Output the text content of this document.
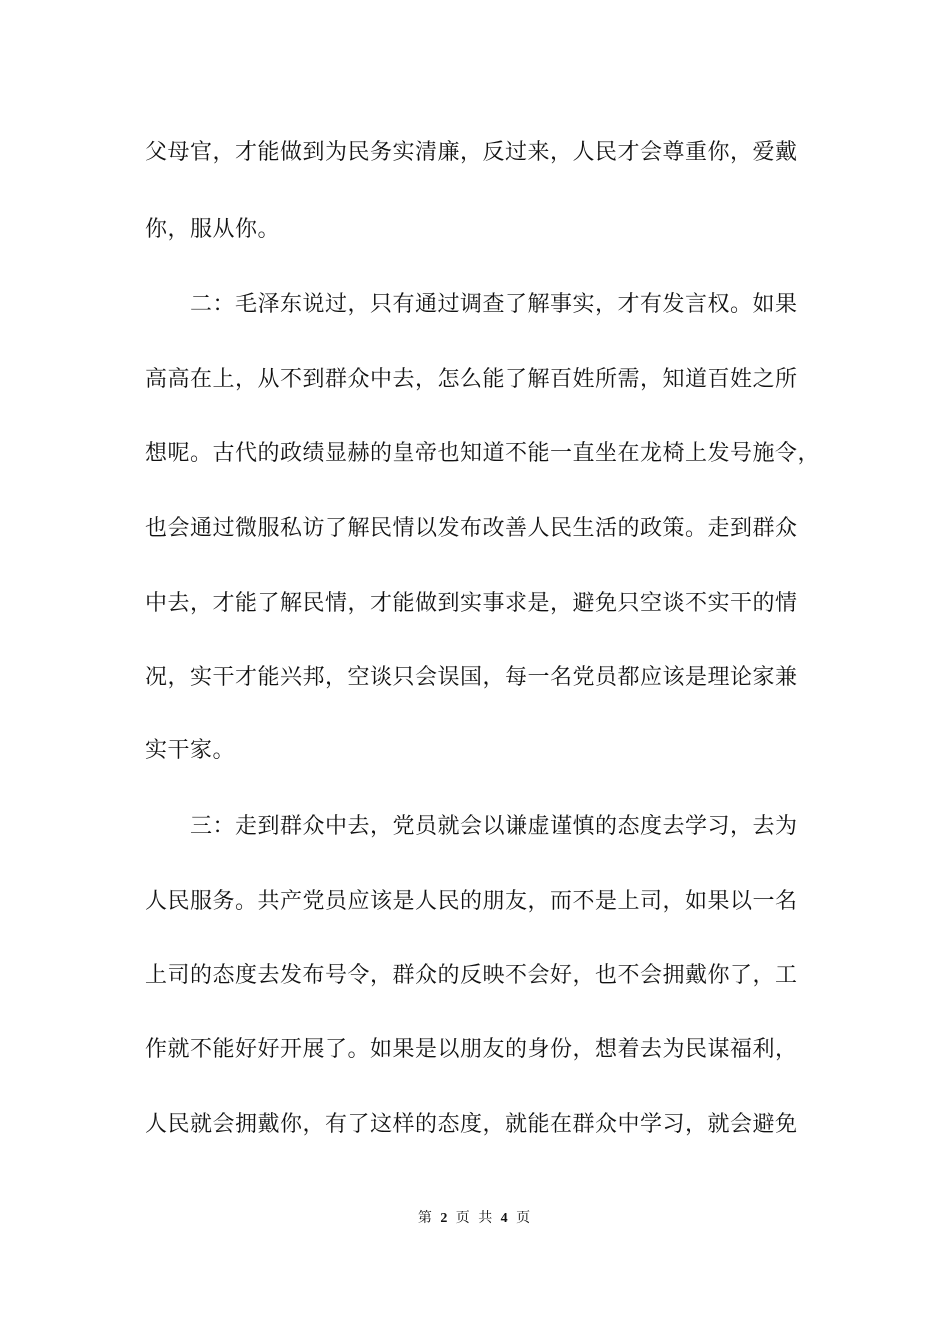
父母官，才能做到为民务实清廉，反过来，人民才会尊重你，爱戴
你，服从你。
二：毛泽东说过，只有通过调查了解事实，才有发言权。如果
高高在上，从不到群众中去，怎么能了解百姓所需，知道百姓之所
想呢。古代的政绩显赫的皇帝也知道不能一直坐在龙椅上发号施令，
也会通过微服私访了解民情以发布改善人民生活的政策。走到群众
中去，才能了解民情，才能做到实事求是，避免只空谈不实干的情
况，实干才能兴邦，空谈只会误国，每一名党员都应该是理论家兼
实干家。
三：走到群众中去，党员就会以谦虚谨慎的态度去学习，去为
人民服务。共产党员应该是人民的朋友，而不是上司，如果以一名
上司的态度去发布号令，群众的反映不会好，也不会拥戴你了，工
作就不能好好开展了。如果是以朋友的身份，想着去为民谋福利，
人民就会拥戴你，有了这样的态度，就能在群众中学习，就会避免
第 2 页 共 4 页
